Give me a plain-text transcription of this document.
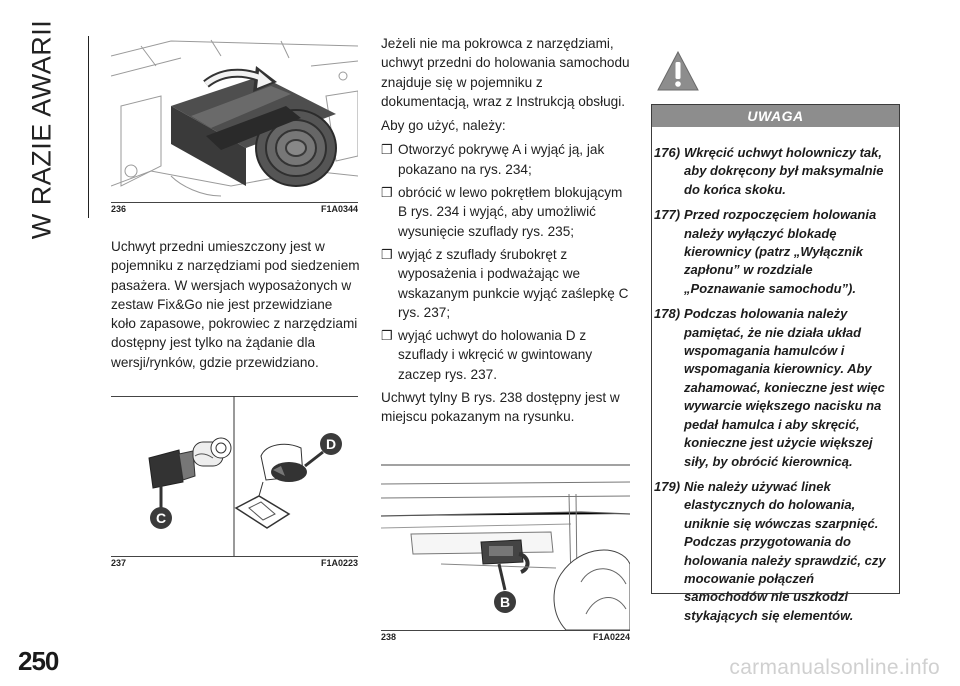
W RAZIE AWARII	236	F1A0344

Uchwyt przedni umieszczony jest w pojemniku z narzędziami pod siedzeniem pasażera. W wersjach wyposażonych w zestaw Fix&Go nie jest przewidziane koło zapasowe, pokrowiec z narzędziami dostępny jest tylko na żądanie dla wersji/rynków, gdzie przewidziano.

C
D
237	F1A0223

Jeżeli nie ma pokrowca z narzędziami, uchwyt przedni do holowania samochodu znajduje się w pojemniku z dokumentacją, wraz z Instrukcją obsługi.

Aby go użyć, należy:

❒ Otworzyć pokrywę A i wyjąć ją, jak pokazano na rys. 234;
❒ obrócić w lewo pokrętłem blokującym B rys. 234 i wyjąć, aby umożliwić wysunięcie szuflady rys. 235;
❒ wyjąć z szuflady śrubokręt z wyposażenia i podważając we wskazanym punkcie wyjąć zaślepkę C rys. 237;
❒ wyjąć uchwyt do holowania D z szuflady i wkręcić w gwintowany zaczep rys. 237.

Uchwyt tylny B rys. 238 dostępny jest w miejscu pokazanym na rysunku.

B
238	F1A0224
UWAGA
176) Wkręcić uchwyt holowniczy tak, aby dokręcony był maksymalnie do końca skoku.
177) Przed rozpoczęciem holowania należy wyłączyć blokadę kierownicy (patrz „Wyłącznik zapłonu” w rozdziale „Poznawanie samochodu”).
178) Podczas holowania należy pamiętać, że nie działa układ wspomagania hamulców i wspomagania kierownicy. Aby zahamować, konieczne jest więc wywarcie większego nacisku na pedał hamulca i aby skręcić, konieczne jest użycie większej siły, by obrócić kierownicą.
179) Nie należy używać linek elastycznych do holowania, uniknie się wówczas szarpnięć. Podczas przygotowania do holowania należy sprawdzić, czy mocowanie połączeń samochodów nie uszkodzi stykających się elementów.
250	carmanualsonline.info
